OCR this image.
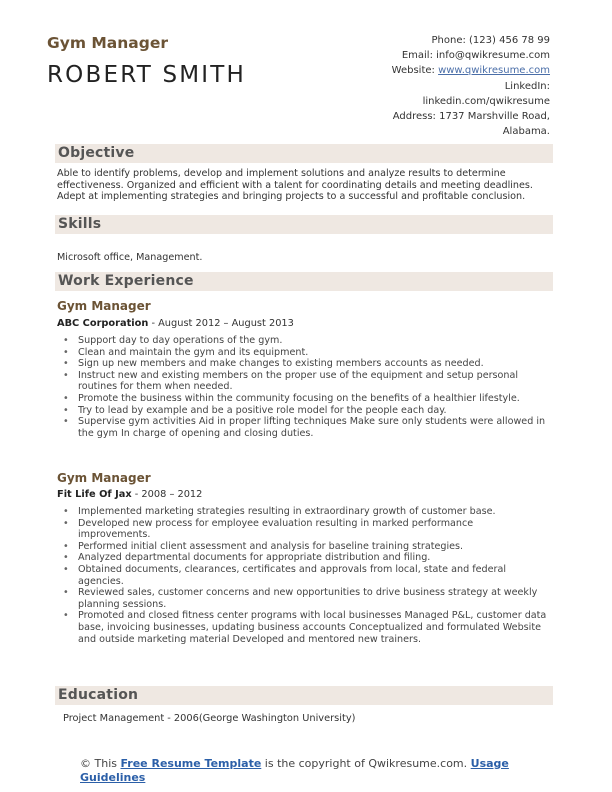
Gym Manager
ROBERT SMITH
Phone: (123) 456 78 99
Email: info@qwikresume.com
Website: www.qwikresume.com
LinkedIn:
linkedin.com/qwikresume
Address: 1737 Marshville Road,
Alabama.
Objective
Able to identify problems, develop and implement solutions and analyze results to determine effectiveness. Organized and efficient with a talent for coordinating details and meeting deadlines. Adept at implementing strategies and bringing projects to a successful and profitable conclusion.
Skills
Microsoft office, Management.
Work Experience
Gym Manager
ABC Corporation - August 2012 – August 2013
• Support day to day operations of the gym.
• Clean and maintain the gym and its equipment.
• Sign up new members and make changes to existing members accounts as needed.
• Instruct new and existing members on the proper use of the equipment and setup personal routines for them when needed.
• Promote the business within the community focusing on the benefits of a healthier lifestyle.
• Try to lead by example and be a positive role model for the people each day.
• Supervise gym activities Aid in proper lifting techniques Make sure only students were allowed in the gym In charge of opening and closing duties.
Gym Manager
Fit Life Of Jax - 2008 – 2012
• Implemented marketing strategies resulting in extraordinary growth of customer base.
• Developed new process for employee evaluation resulting in marked performance improvements.
• Performed initial client assessment and analysis for baseline training strategies.
• Analyzed departmental documents for appropriate distribution and filing.
• Obtained documents, clearances, certificates and approvals from local, state and federal agencies.
• Reviewed sales, customer concerns and new opportunities to drive business strategy at weekly planning sessions.
• Promoted and closed fitness center programs with local businesses Managed P&L, customer data base, invoicing businesses, updating business accounts Conceptualized and formulated Website and outside marketing material Developed and mentored new trainers.
Education
Project Management - 2006(George Washington University)
© This Free Resume Template is the copyright of Qwikresume.com. Usage Guidelines
